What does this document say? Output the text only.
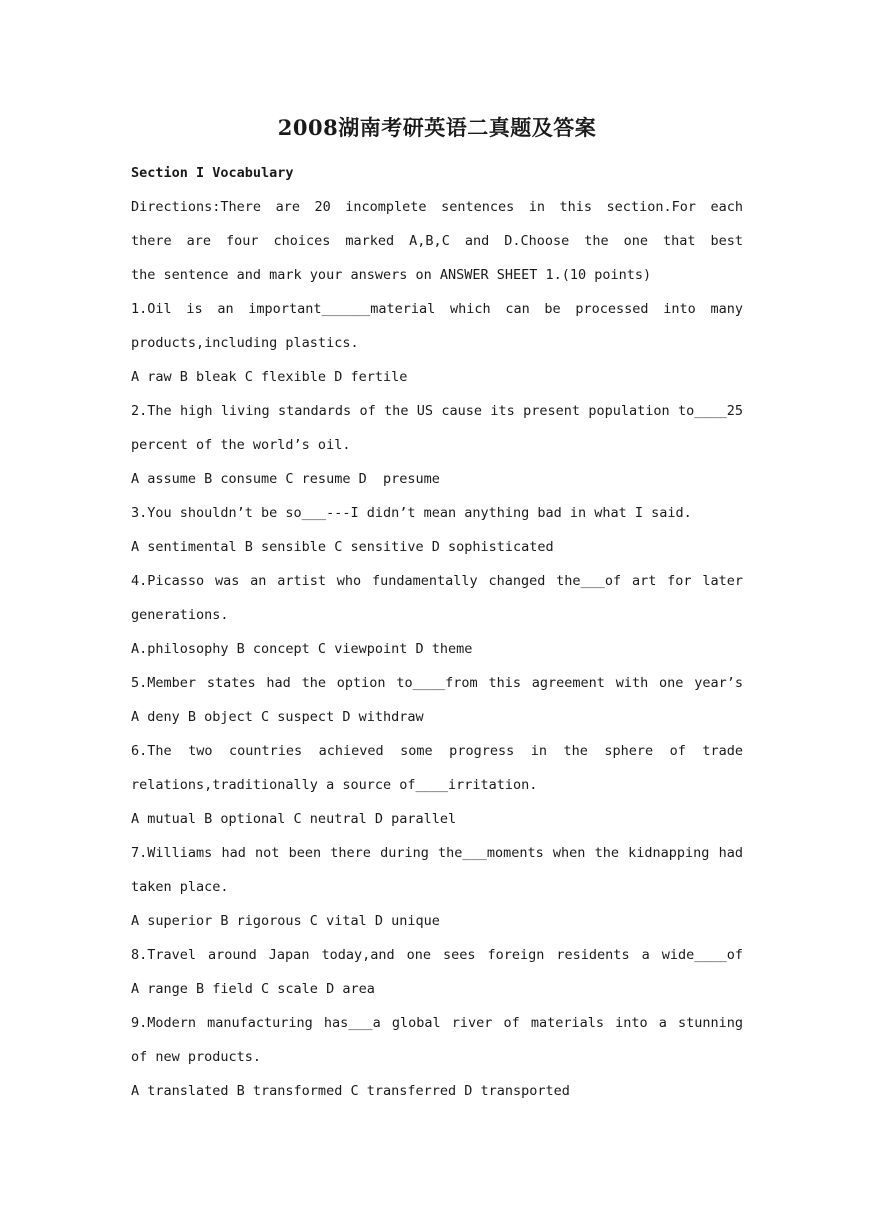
2008湖南考研英语二真题及答案
Section I Vocabulary
Directions:There are 20 incomplete sentences in this section.For each
there are four choices marked A,B,C and D.Choose the one that best
the sentence and mark your answers on ANSWER SHEET 1.(10 points)
1.Oil is an important______material which can be processed into many
products,including plastics.
A raw B bleak C flexible D fertile
2.The high living standards of the US cause its present population to____25
percent of the world’s oil.
A assume B consume C resume D  presume
3.You shouldn’t be so___---I didn’t mean anything bad in what I said.
A sentimental B sensible C sensitive D sophisticated
4.Picasso was an artist who fundamentally changed the___of art for later
generations.
A.philosophy B concept C viewpoint D theme
5.Member states had the option to____from this agreement with one year’s
A deny B object C suspect D withdraw
6.The two countries achieved some progress in the sphere of trade
relations,traditionally a source of____irritation.
A mutual B optional C neutral D parallel
7.Williams had not been there during the___moments when the kidnapping had
taken place.
A superior B rigorous C vital D unique
8.Travel around Japan today,and one sees foreign residents a wide____of
A range B field C scale D area
9.Modern manufacturing has___a global river of materials into a stunning
of new products.
A translated B transformed C transferred D transported
